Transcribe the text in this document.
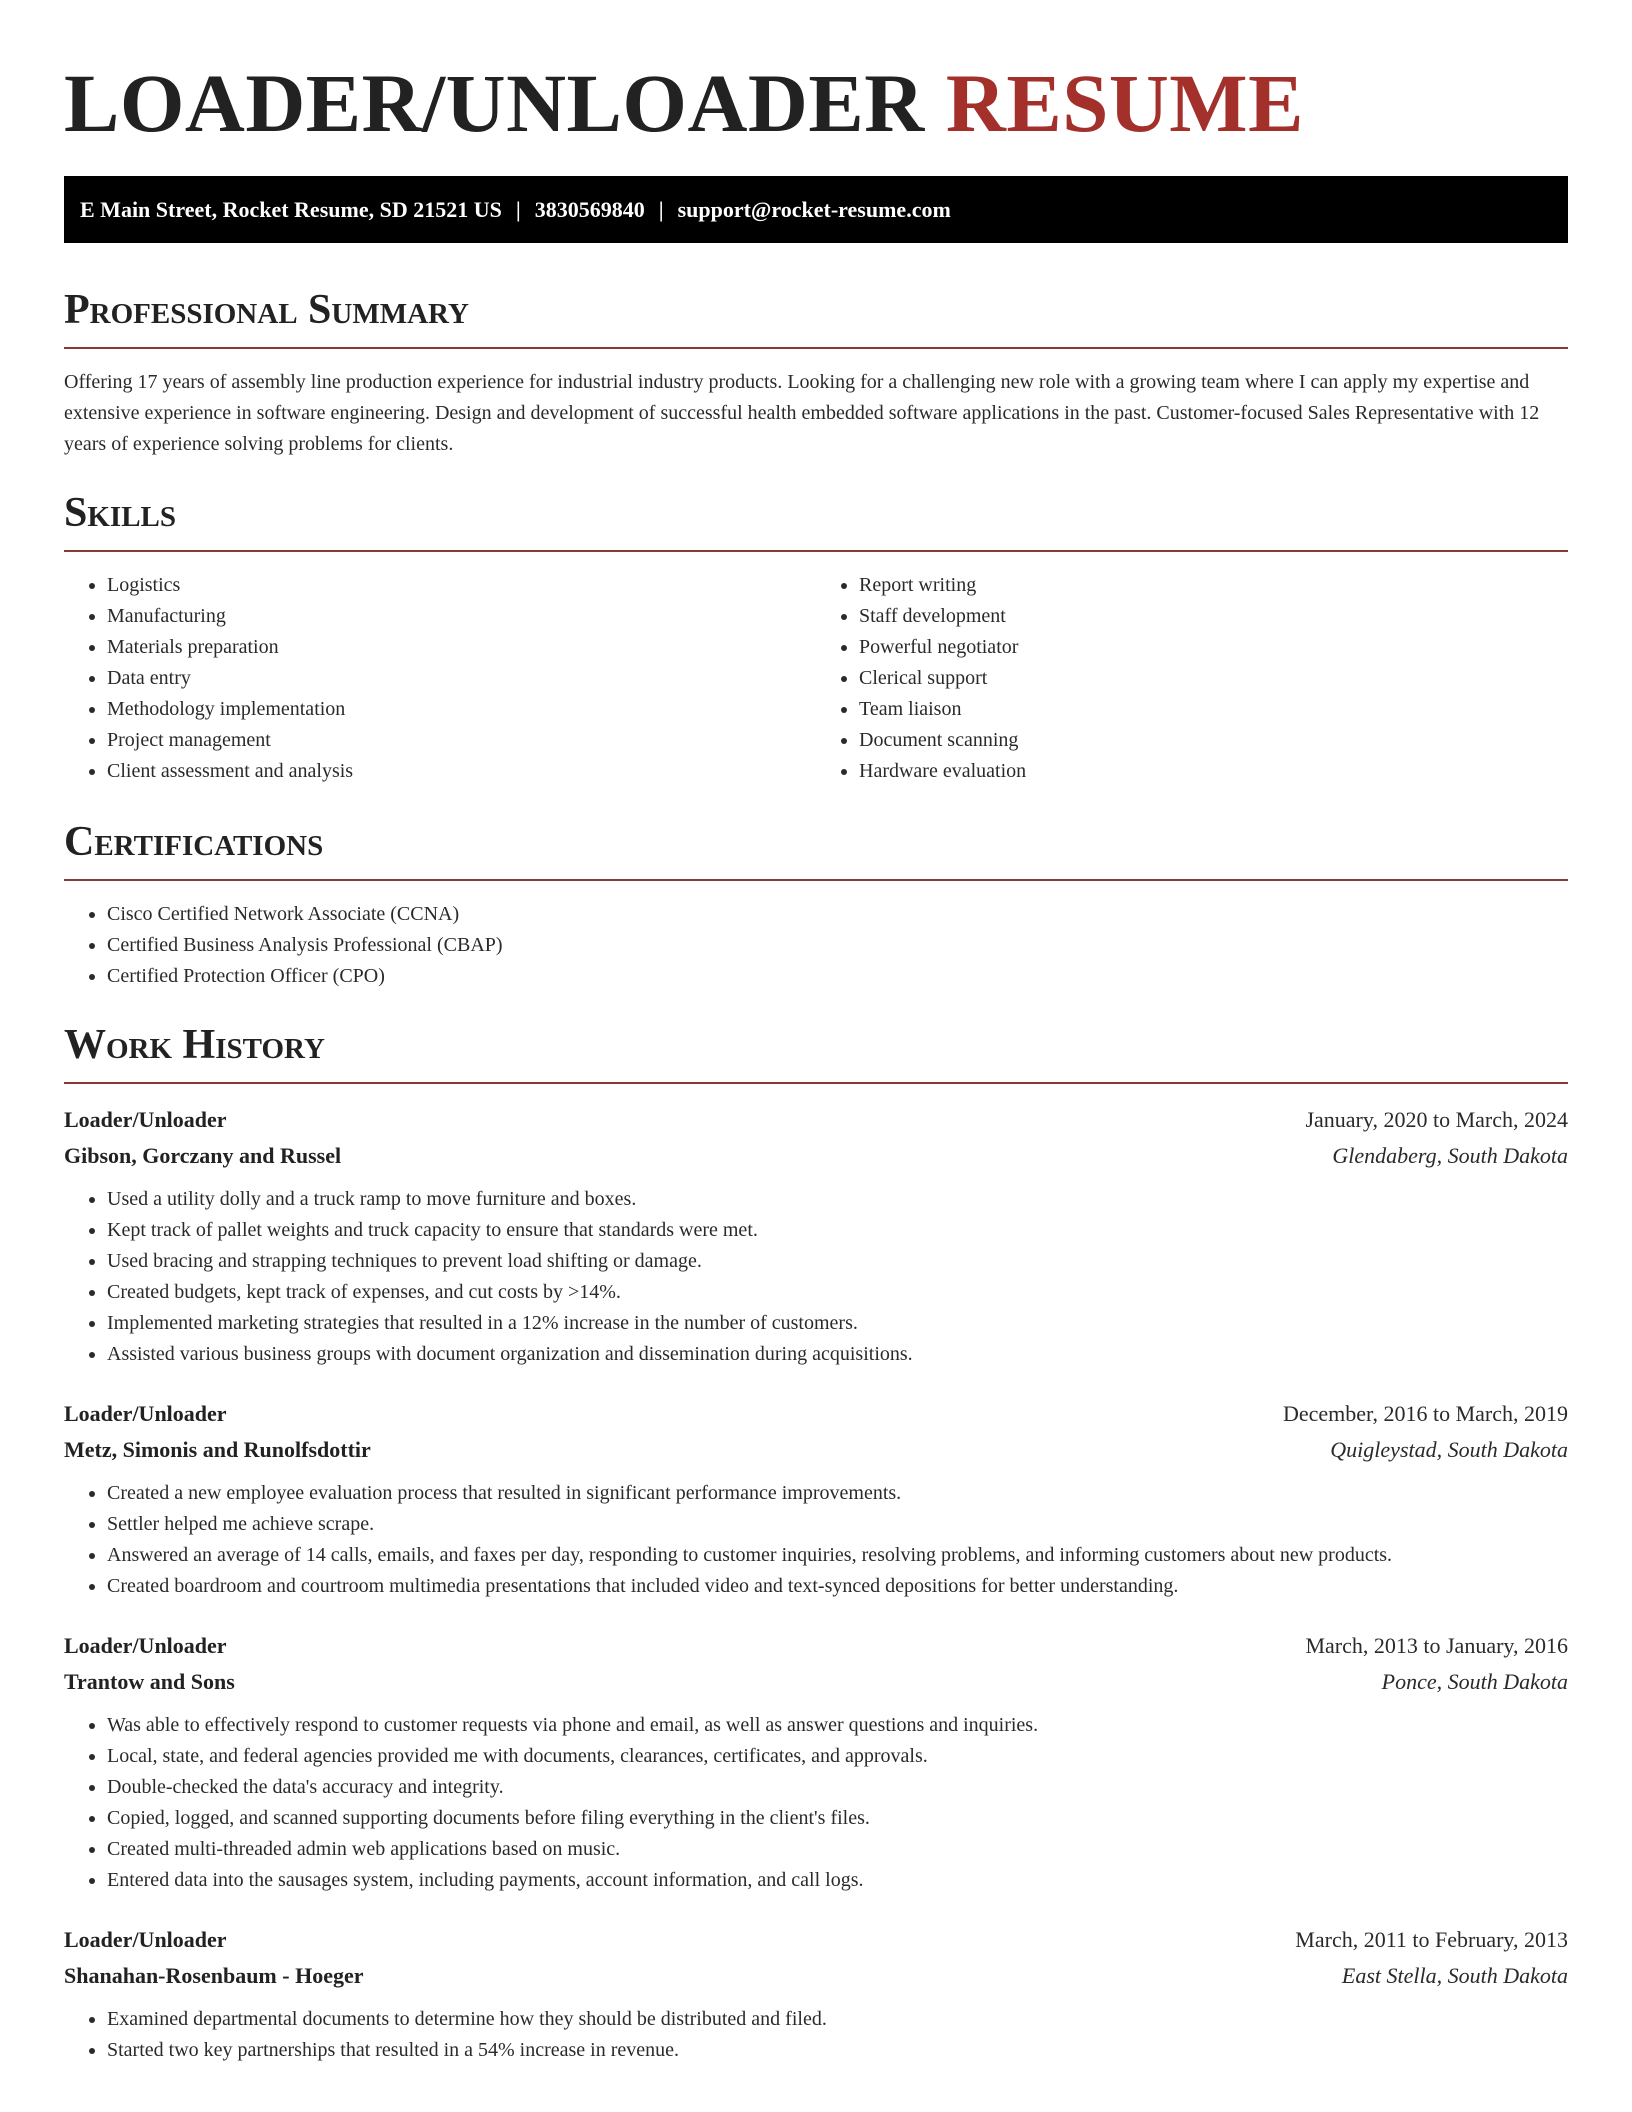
LOADER/UNLOADER RESUME
E Main Street, Rocket Resume, SD 21521 US | 3830569840 | support@rocket-resume.com
Professional Summary

Offering 17 years of assembly line production experience for industrial industry products. Looking for a challenging new role with a growing team where I can apply my expertise and extensive experience in software engineering. Design and development of successful health embedded software applications in the past. Customer-focused Sales Representative with 12 years of experience solving problems for clients.

Skills
• Logistics
• Manufacturing
• Materials preparation
• Data entry
• Methodology implementation
• Project management
• Client assessment and analysis
• Report writing
• Staff development
• Powerful negotiator
• Clerical support
• Team liaison
• Document scanning
• Hardware evaluation
Certifications
• Cisco Certified Network Associate (CCNA)
• Certified Business Analysis Professional (CBAP)
• Certified Protection Officer (CPO)
Work History
Loader/Unloader	January, 2020 to March, 2024
Gibson, Gorczany and Russel	Glendaberg, South Dakota
• Used a utility dolly and a truck ramp to move furniture and boxes.
• Kept track of pallet weights and truck capacity to ensure that standards were met.
• Used bracing and strapping techniques to prevent load shifting or damage.
• Created budgets, kept track of expenses, and cut costs by >14%.
• Implemented marketing strategies that resulted in a 12% increase in the number of customers.
• Assisted various business groups with document organization and dissemination during acquisitions.
Loader/Unloader	December, 2016 to March, 2019
Metz, Simonis and Runolfsdottir	Quigleystad, South Dakota
• Created a new employee evaluation process that resulted in significant performance improvements.
• Settler helped me achieve scrape.
• Answered an average of 14 calls, emails, and faxes per day, responding to customer inquiries, resolving problems, and informing customers about new products.
• Created boardroom and courtroom multimedia presentations that included video and text-synced depositions for better understanding.
Loader/Unloader	March, 2013 to January, 2016
Trantow and Sons	Ponce, South Dakota
• Was able to effectively respond to customer requests via phone and email, as well as answer questions and inquiries.
• Local, state, and federal agencies provided me with documents, clearances, certificates, and approvals.
• Double-checked the data's accuracy and integrity.
• Copied, logged, and scanned supporting documents before filing everything in the client's files.
• Created multi-threaded admin web applications based on music.
• Entered data into the sausages system, including payments, account information, and call logs.
Loader/Unloader	March, 2011 to February, 2013
Shanahan-Rosenbaum - Hoeger	East Stella, South Dakota
• Examined departmental documents to determine how they should be distributed and filed.
• Started two key partnerships that resulted in a 54% increase in revenue.
